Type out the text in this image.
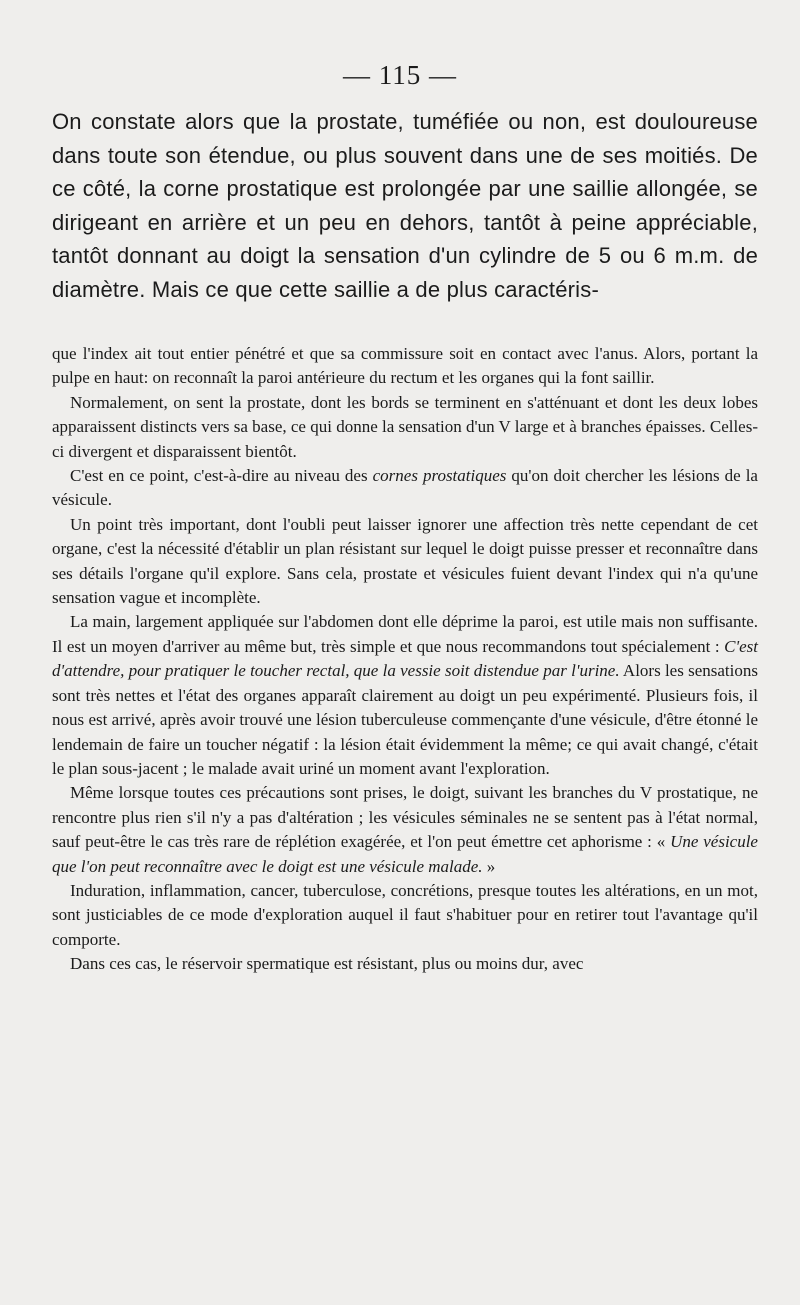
— 115 —

On constate alors que la prostate, tuméfiée ou non, est douloureuse dans toute son étendue, ou plus souvent dans une de ses moitiés. De ce côté, la corne prostatique est prolongée par une saillie allongée, se dirigeant en arrière et un peu en dehors, tantôt à peine appréciable, tantôt donnant au doigt la sensation d'un cylindre de 5 ou 6 m.m. de diamètre. Mais ce que cette saillie a de plus caractéris-

que l'index ait tout entier pénétré et que sa commissure soit en contact avec l'anus. Alors, portant la pulpe en haut: on reconnaît la paroi antérieure du rectum et les organes qui la font saillir.

Normalement, on sent la prostate, dont les bords se terminent en s'atténuant et dont les deux lobes apparaissent distincts vers sa base, ce qui donne la sensation d'un V large et à branches épaisses. Celles-ci divergent et disparaissent bientôt.

C'est en ce point, c'est-à-dire au niveau des cornes prostatiques qu'on doit chercher les lésions de la vésicule.

Un point très important, dont l'oubli peut laisser ignorer une affection très nette cependant de cet organe, c'est la nécessité d'établir un plan résistant sur lequel le doigt puisse presser et reconnaître dans ses détails l'organe qu'il explore. Sans cela, prostate et vésicules fuient devant l'index qui n'a qu'une sensation vague et incomplète.

La main, largement appliquée sur l'abdomen dont elle déprime la paroi, est utile mais non suffisante. Il est un moyen d'arriver au même but, très simple et que nous recommandons tout spécialement : C'est d'attendre, pour pratiquer le toucher rectal, que la vessie soit distendue par l'urine. Alors les sensations sont très nettes et l'état des organes apparaît clairement au doigt un peu expérimenté. Plusieurs fois, il nous est arrivé, après avoir trouvé une lésion tuberculeuse commençante d'une vésicule, d'être étonné le lendemain de faire un toucher négatif : la lésion était évidemment la même; ce qui avait changé, c'était le plan sous-jacent ; le malade avait uriné un moment avant l'exploration.

Même lorsque toutes ces précautions sont prises, le doigt, suivant les branches du V prostatique, ne rencontre plus rien s'il n'y a pas d'altération ; les vésicules séminales ne se sentent pas à l'état normal, sauf peut-être le cas très rare de réplétion exagérée, et l'on peut émettre cet aphorisme : « Une vésicule que l'on peut reconnaître avec le doigt est une vésicule malade. »

Induration, inflammation, cancer, tuberculose, concrétions, presque toutes les altérations, en un mot, sont justiciables de ce mode d'exploration auquel il faut s'habituer pour en retirer tout l'avantage qu'il comporte.

Dans ces cas, le réservoir spermatique est résistant, plus ou moins dur, avec
